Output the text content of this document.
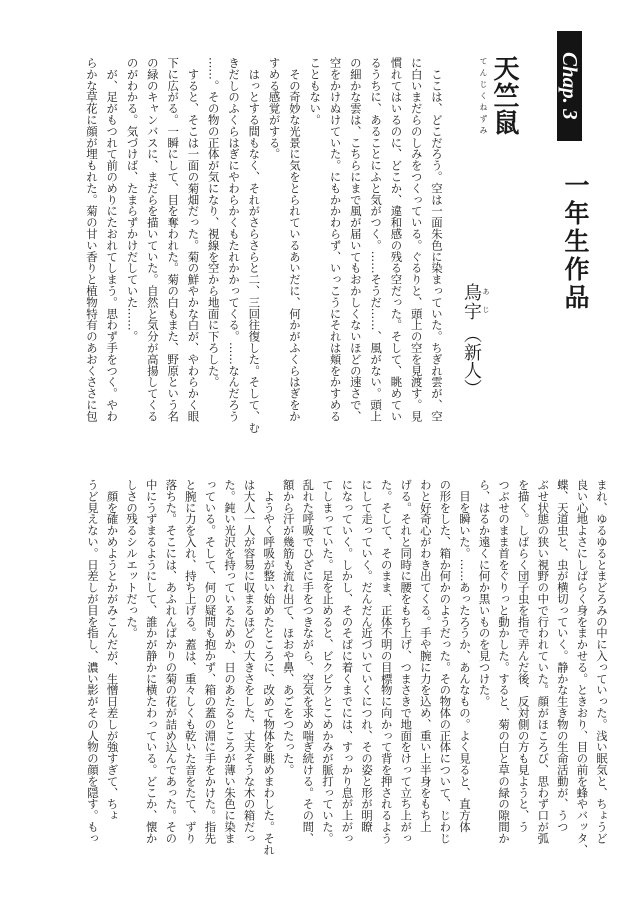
Chap. 3
一年生作品
天竺鼠
てんじくねずみ
鳥宇 あじ
（新人）
　ここは、どこだろう。空は一面朱色に染まっていた。ちぎれ雲が、空
に白いまだらのしみをつくっている。ぐるりと、頭上の空を見渡す。見
慣れてはいるのに、どこか、違和感の残る空だった。そして、眺めてい
るうちに、あることにふと気がつく。……そうだ……、風がない。頭上
の細かな雲は、こちらにまで風が届いてもおかしくないほどの速さで、
空をかけぬけていた。にもかかわらず、いっこうにそれは頬をかすめる
こともない。
　その奇妙な光景に気をとられているあいだに、何かがふくらはぎをか
すめる感覚がする。
　はっとする間もなく、それがさらさらと二、三回往復した。そして、む
きだしのふくらはぎにやわらかくもたれかかってくる。……なんだろう
……。その物の正体が気になり、視線を空から地面に下ろした。
　すると、そこは一面の菊畑だった。菊の鮮やかな白が、やわらかく眼
下に広がる。一瞬にして、目を奪われた。菊の白もまた、野原という名
の緑のキャンバスに、まだらを描いていた。自然と気分が高揚してくる
のがわかる。気づけば、たまらずかけだしていた……。
　が、足がもつれて前のめりにたおれてしまう。思わず手をつく。やわ
らかな草花に顔が埋もれた。菊の甘い香りと植物特有のあおくささに包
まれ、ゆるゆるとまどろみの中に入っていった。浅い眠気と、ちょうど
良い心地よさにしばらく身をまかせる。ときおり、目の前を蜂やバッタ、
蝶、天道虫と、虫が横切っていく。静かな生き物の生命活動が、うつ
ぶせ状態の狭い視野の中で行われていた。顔がほころび、思わず口が弧
を描く。しばらく団子虫を指で弄んだ後、反対側の方も見ようと、う
つぶせのまま首をぐりっと動かした。すると、菊の白と草の緑の隙間か
ら、はるか遠くに何か黒いものを見つけた。
　目を瞬いた。……あったろうか、あんなもの。よく見ると、直方体
の形をした、箱か何かのようだった。その物体の正体について、じわじ
わと好奇心がわき出てくる。手や腕に力を込め、重い上半身をもち上
げる。それと同時に腰をもち上げ、つまさきで地面をけって立ち上がっ
た。そして、そのまま、正体不明の目標物に向かって背を押されるよう
にして走っていく。だんだん近づいていくにつれ、その姿と形が明瞭
になっていく。しかし、そのそばに着くまでには、すっかり息が上がっ
てしまっていた。足を止めると、ビクビクとこめかみが脈打っていた。
乱れた呼吸でひざに手をつきながら、空気を求め喘ぎ続ける。その間、
額から汗が幾筋も流れ出て、ほおや鼻、あごをつたった。
　ようやく呼吸が整い始めたところに、改めて物体を眺めまわした。それ
は大人一人が容易に収まるほどの大きさをした、丈夫そうな木の箱だっ
た。鈍い光沢を持っているためか、日のあたるところが薄い朱色に染ま
っている。そして、何の疑問も抱かず、箱の蓋の淵に手をかけた。指先
と腕に力を入れ、持ち上げる。蓋は、重々しくも乾いた音をたて、ずり
落ちた。そこには、あふれんばかりの菊の花が詰め込んであった。その
中にうずまるようにして、誰かが静かに横たわっている。どこか、懐か
しさの残るシルエットだった。
　顔を確かめようとかがみこんだが、生憎日差しが強すぎて、ちょ
うど見えない。日差しが目を指し、濃い影がその人物の顔を隠す。もっ
